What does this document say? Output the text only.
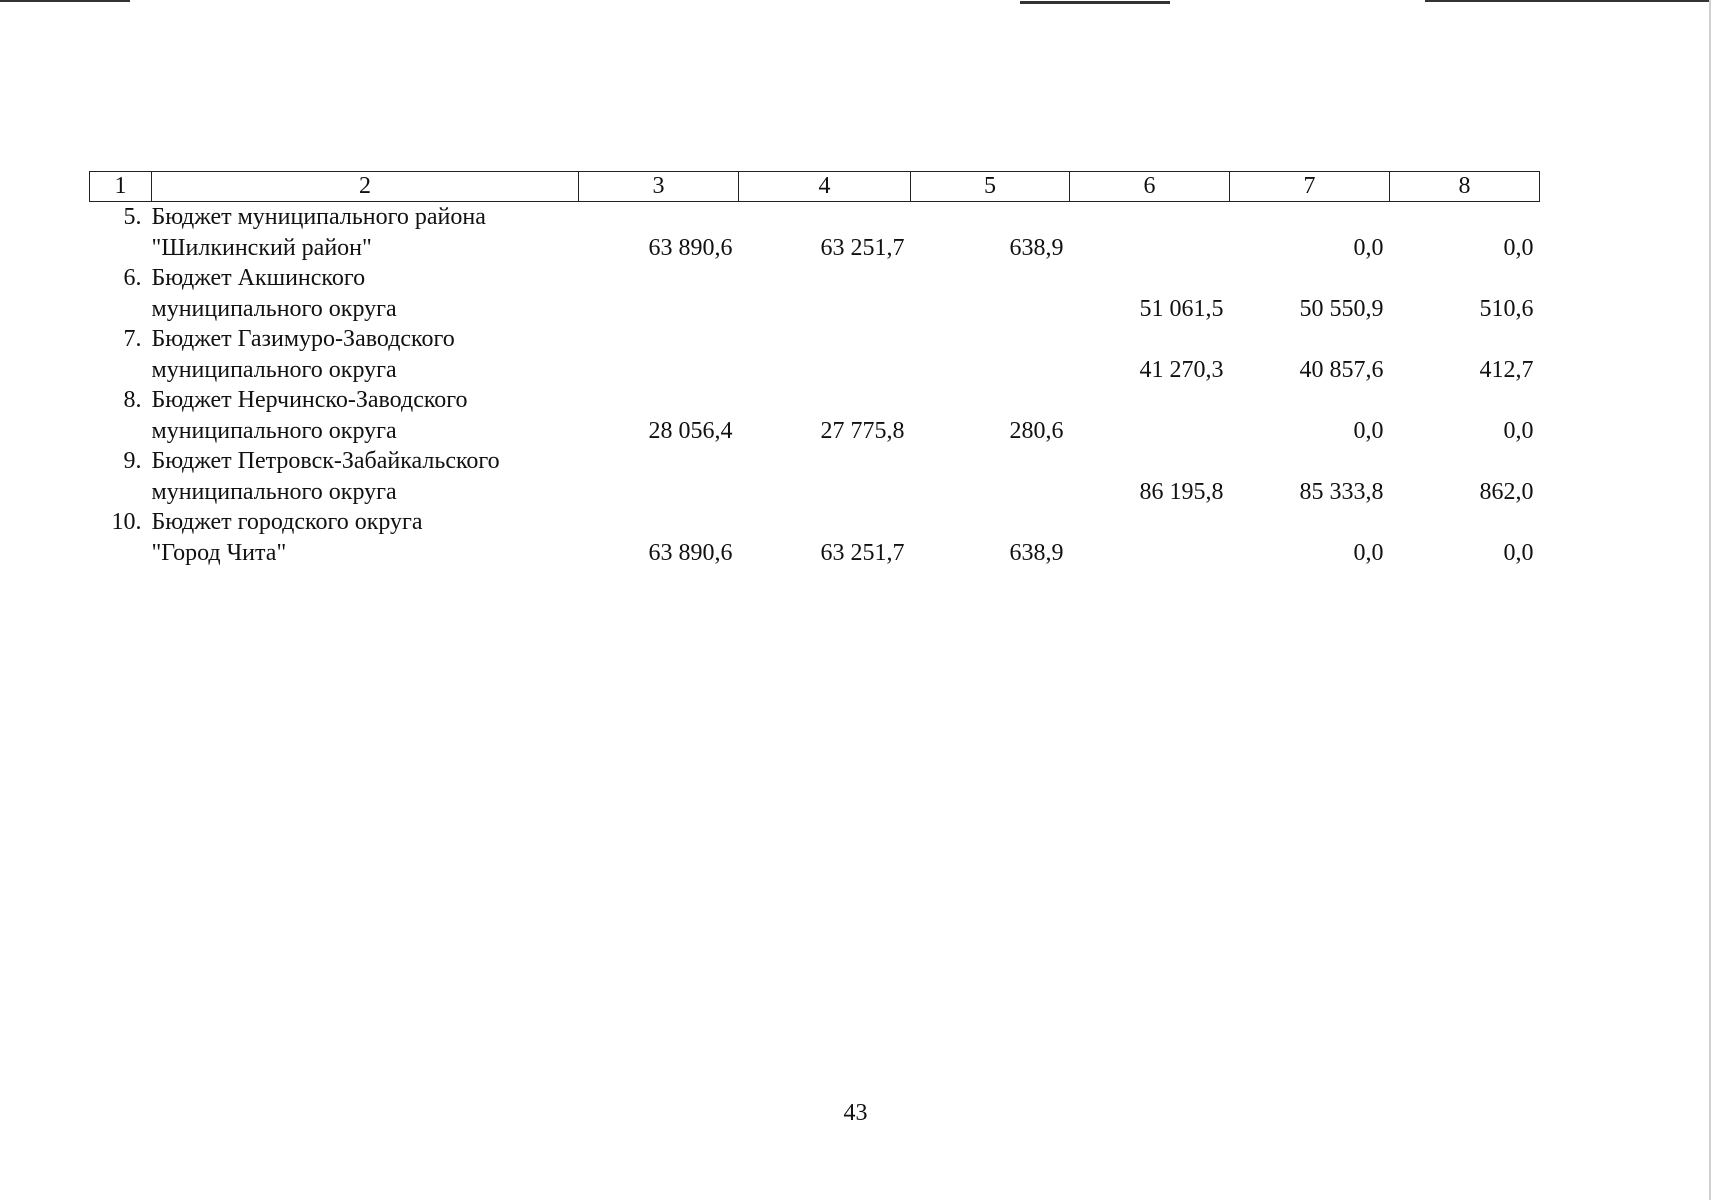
1	2	3	4	5	6	7	8

5.	Бюджет муниципального района
"Шилкинский район"	63 890,6	63 251,7	638,9		0,0	0,0

6.	Бюджет Акшинского
муниципального округа				51 061,5	50 550,9	510,6

7.	Бюджет Газимуро-Заводского
муниципального округа				41 270,3	40 857,6	412,7

8.	Бюджет Нерчинско-Заводского
муниципального округа	28 056,4	27 775,8	280,6		0,0	0,0

9.	Бюджет Петровск-Забайкальского
муниципального округа				86 195,8	85 333,8	862,0

10.	Бюджет городского округа
"Город Чита"	63 890,6	63 251,7	638,9		0,0	0,0
43
